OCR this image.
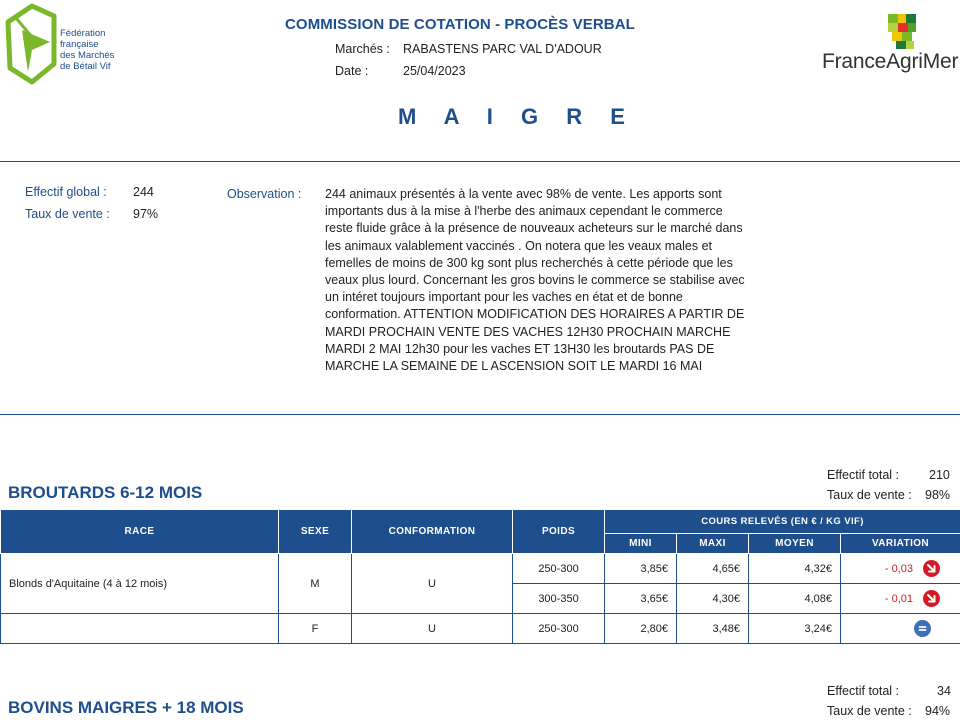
Fédération
française
des Marchés
de Bétail Vif
COMMISSION DE COTATION - PROCÈS VERBAL
Marchés : RABASTENS PARC VAL D'ADOUR
Date :	25/04/2023	FranceAgriMer
M A I G R E
Effectif global : 244
Taux de vente : 97%
Observation : 244 animaux présentés à la vente avec 98% de vente. Les apports sont importants dus à la mise à l'herbe des animaux cependant le commerce reste fluide grâce à la présence de nouveaux acheteurs sur le marché dans les animaux valablement vaccinés . On notera que les veaux males et femelles de moins de 300 kg sont plus recherchés à cette période que les veaux plus lourd. Concernant les gros bovins le commerce se stabilise avec un intéret toujours important pour les vaches en état et de bonne conformation. ATTENTION MODIFICATION DES HORAIRES A PARTIR DE MARDI PROCHAIN VENTE DES VACHES 12H30 PROCHAIN MARCHE MARDI 2 MAI 12h30 pour les vaches ET 13H30 les broutards PAS DE MARCHE LA SEMAINE DE L ASCENSION SOIT LE MARDI 16 MAI
BROUTARDS 6-12 MOIS
Effectif total : 210
Taux de vente : 98%
RACE	SEXE	CONFORMATION	POIDS	COURS RELEVÉS (EN € / KG VIF)			
				MINI	MAXI	MOYEN	VARIATION
Blonds d'Aquitaine (4 à 12 mois)	M	U	250-300	3,85€	4,65€	4,32€	- 0,03

			300-350	3,65€	4,30€	4,08€	- 0,01

	F	U	250-300	2,80€	3,48€	3,24€	
BOVINS MAIGRES + 18 MOIS
Effectif total :	34
Taux de vente : 94%
